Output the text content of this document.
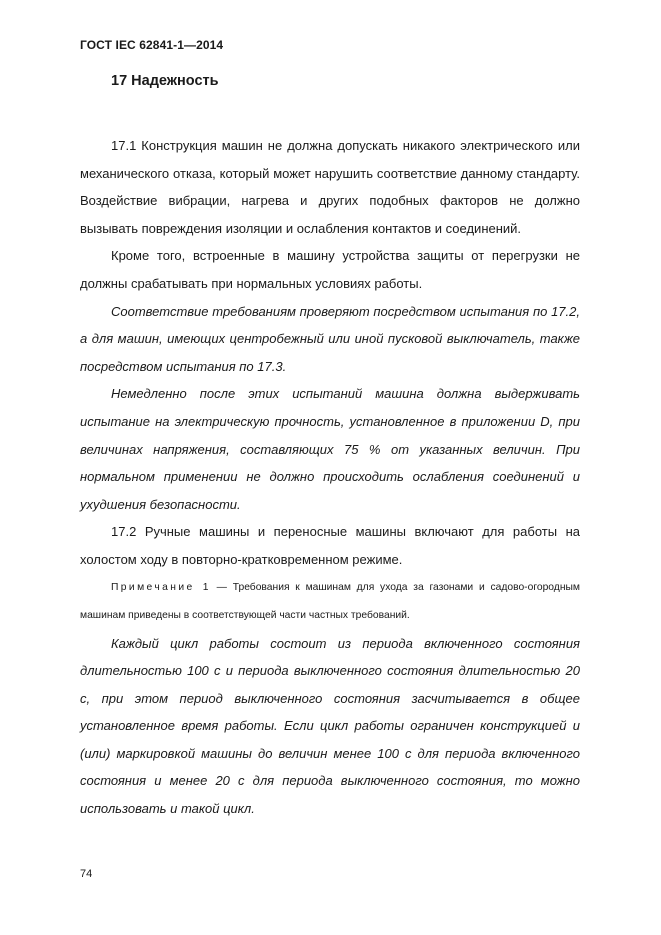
ГОСТ IEC 62841-1—2014
17 Надежность

17.1 Конструкция машин не должна допускать никакого электрического или механического отказа, который может нарушить соответствие данному стандарту. Воздействие вибрации, нагрева и других подобных факторов не должно вызывать повреждения изоляции и ослабления контактов и соединений.

Кроме того, встроенные в машину устройства защиты от перегрузки не должны срабатывать при нормальных условиях работы.

Соответствие требованиям проверяют посредством испытания по 17.2, а для машин, имеющих центробежный или иной пусковой выключатель, также посредством испытания по 17.3.

Немедленно после этих испытаний машина должна выдерживать испытание на электрическую прочность, установленное в приложении D, при величинах напряжения, составляющих 75 % от указанных величин. При нормальном применении не должно происходить ослабления соединений и ухудшения безопасности.

17.2 Ручные машины и переносные машины включают для работы на холостом ходу в повторно-кратковременном режиме.

Примечание 1 — Требования к машинам для ухода за газонами и садово-огородным машинам приведены в соответствующей части частных требований.

Каждый цикл работы состоит из периода включенного состояния длительностью 100 с и периода выключенного состояния длительностью 20 с, при этом период выключенного состояния засчитывается в общее установленное время работы. Если цикл работы ограничен конструкцией и (или) маркировкой машины до величин менее 100 с для периода включенного состояния и менее 20 с для периода выключенного состояния, то можно использовать и такой цикл.

74
